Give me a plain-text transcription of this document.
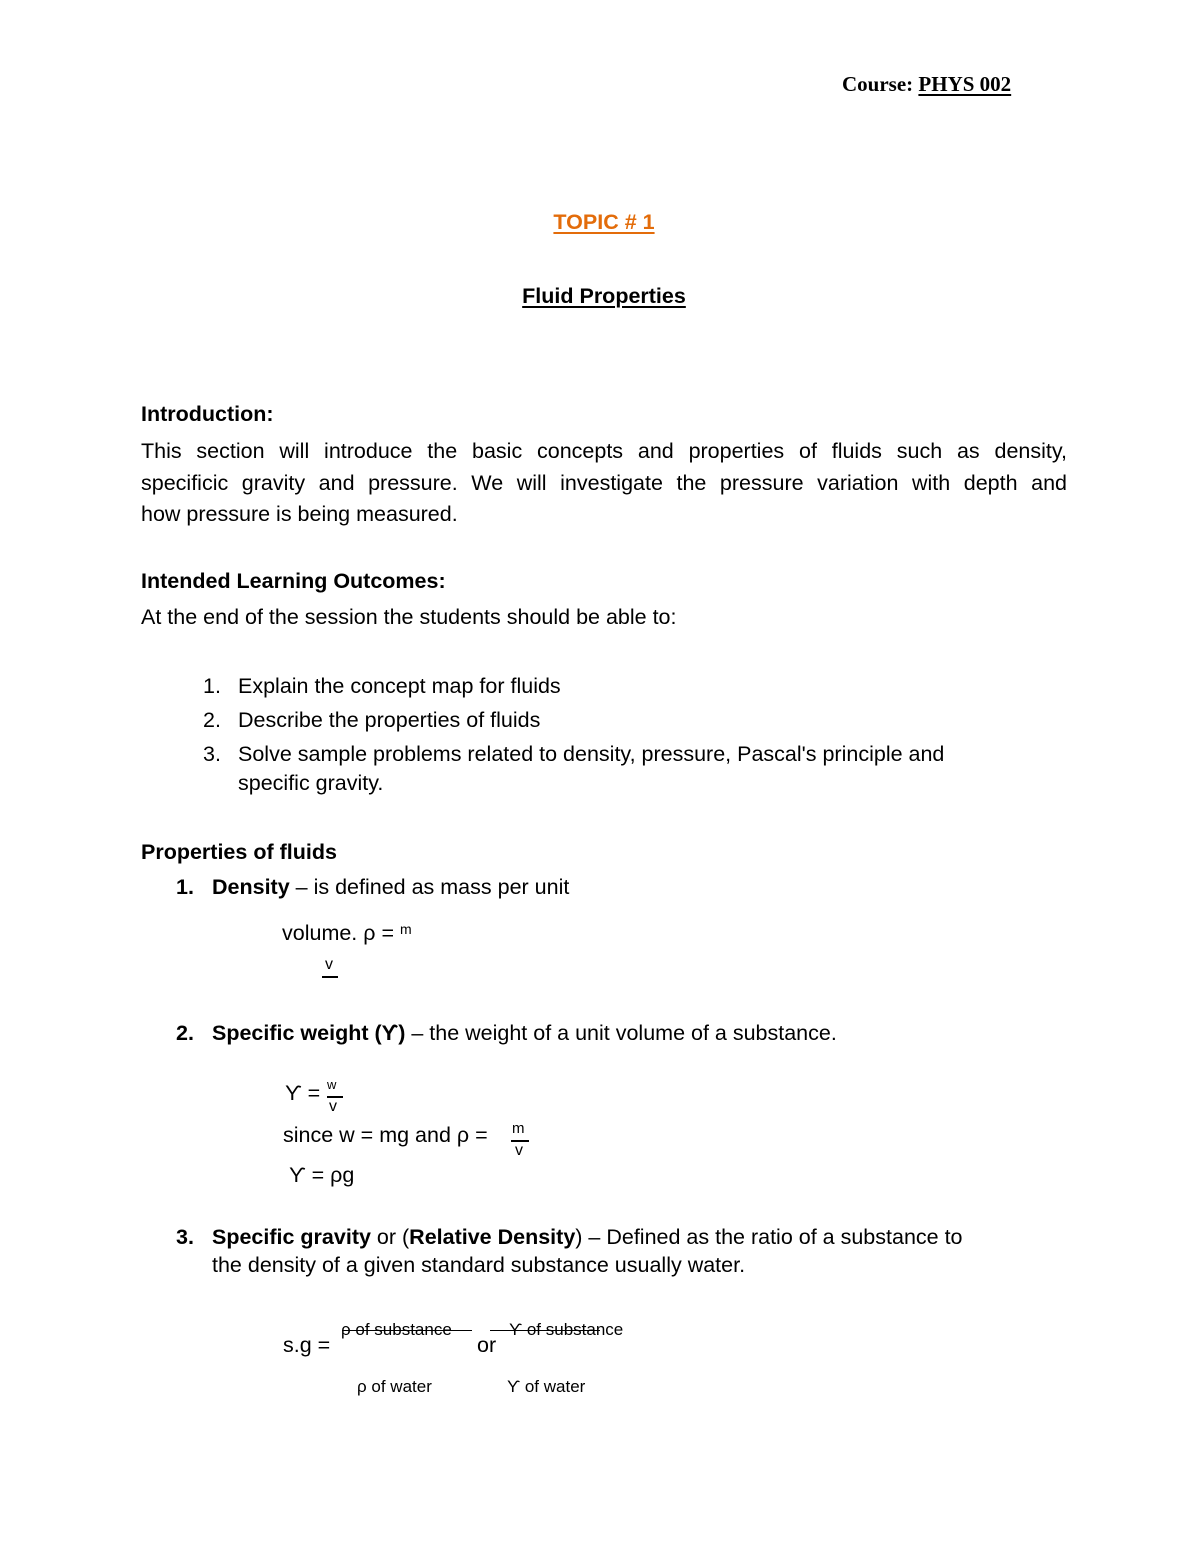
Course: PHYS 002
TOPIC # 1
Fluid Properties
Introduction:
This section will introduce the basic concepts and properties of fluids such as density,
specificic gravity and pressure. We will investigate the pressure variation with depth and
how pressure is being measured.
Intended Learning Outcomes:
At the end of the session the students should be able to:
1. Explain the concept map for fluids
2. Describe the properties of fluids
3. Solve sample problems related to density, pressure, Pascal's principle and
specific gravity.
Properties of fluids
1. Density – is defined as mass per unit
volume. ρ = $^m$
v
2. Specific weight (ϒ) – the weight of a unit volume of a substance.
ϒ = w
v
since w = mg and ρ = m
v
ϒ = ρg
3. Specific gravity or (Relative Density) – Defined as the ratio of a substance to
the density of a given standard substance usually water.
s.g =
ρ of substance
or
ϒ of substance
ρ of water	ϒ of water
